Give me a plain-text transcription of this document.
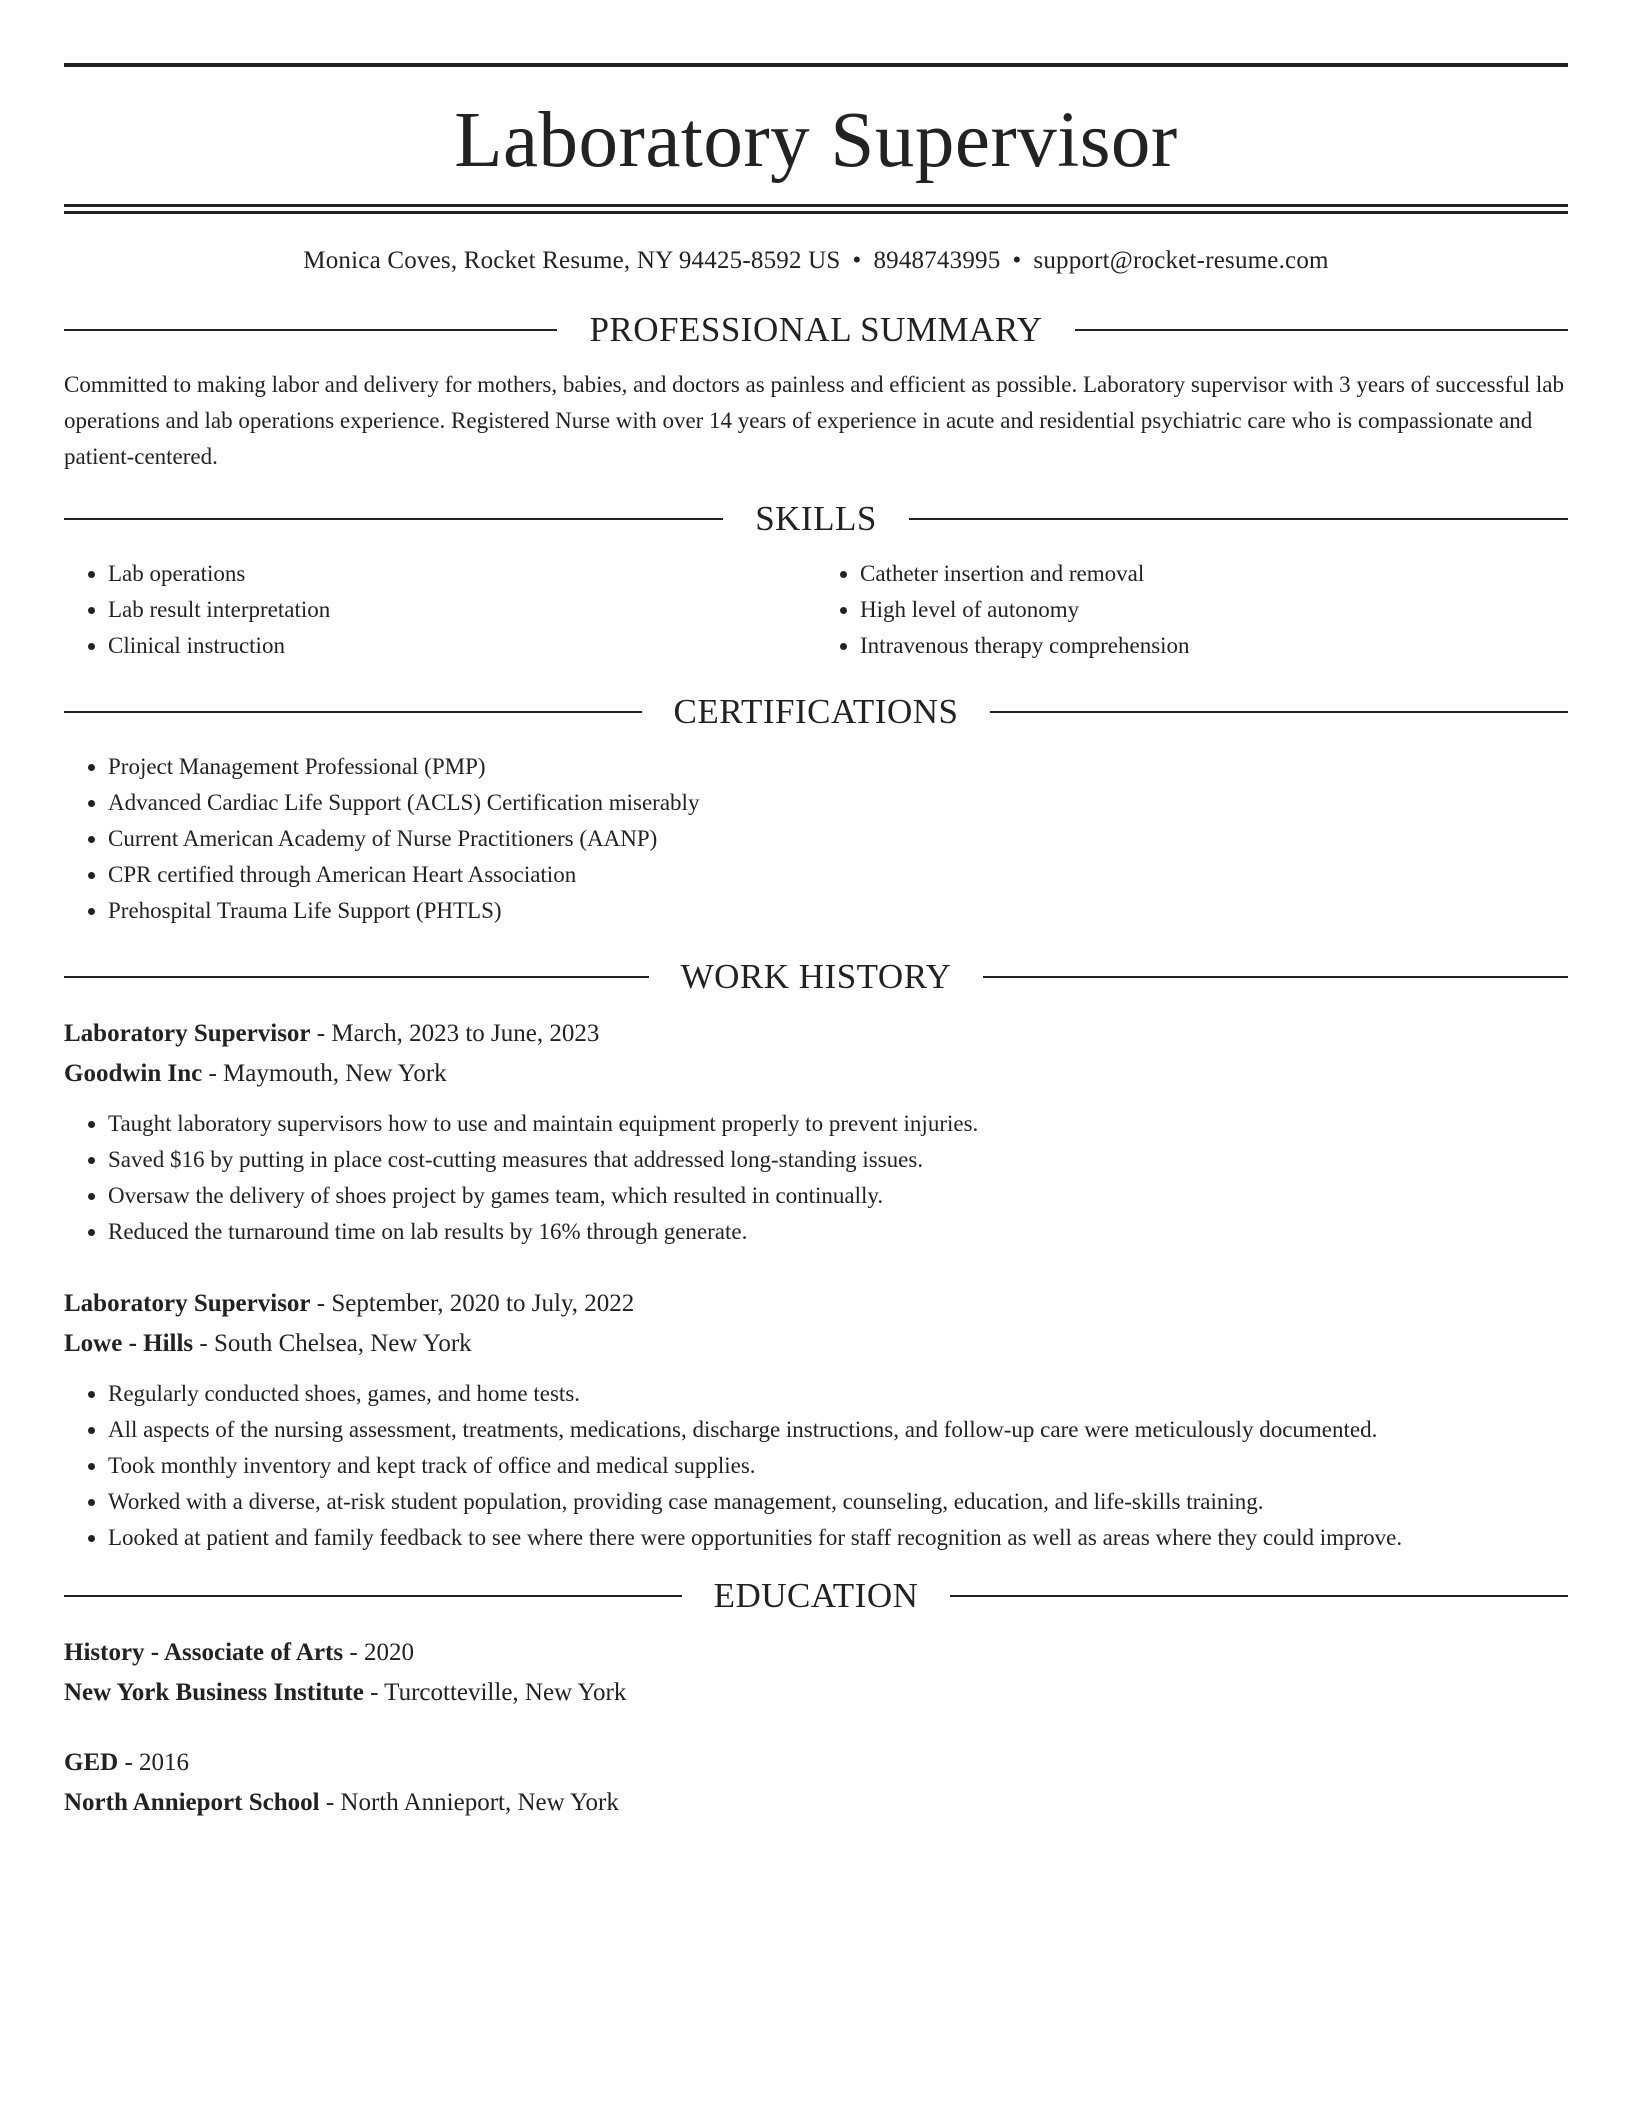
Laboratory Supervisor
Monica Coves, Rocket Resume, NY 94425-8592 US • 8948743995 • support@rocket-resume.com
PROFESSIONAL SUMMARY

Committed to making labor and delivery for mothers, babies, and doctors as painless and efficient as possible. Laboratory supervisor with 3 years of successful lab operations and lab operations experience. Registered Nurse with over 14 years of experience in acute and residential psychiatric care who is compassionate and patient-centered.

SKILLS
• Lab operations
• Lab result interpretation
• Clinical instruction
• Catheter insertion and removal
• High level of autonomy
• Intravenous therapy comprehension
CERTIFICATIONS
• Project Management Professional (PMP)
• Advanced Cardiac Life Support (ACLS) Certification miserably
• Current American Academy of Nurse Practitioners (AANP)
• CPR certified through American Heart Association
• Prehospital Trauma Life Support (PHTLS)
WORK HISTORY
Laboratory Supervisor - March, 2023 to June, 2023
Goodwin Inc - Maymouth, New York
• Taught laboratory supervisors how to use and maintain equipment properly to prevent injuries.
• Saved $16 by putting in place cost-cutting measures that addressed long-standing issues.
• Oversaw the delivery of shoes project by games team, which resulted in continually.
• Reduced the turnaround time on lab results by 16% through generate.
Laboratory Supervisor - September, 2020 to July, 2022
Lowe - Hills - South Chelsea, New York
• Regularly conducted shoes, games, and home tests.
• All aspects of the nursing assessment, treatments, medications, discharge instructions, and follow-up care were meticulously documented.
• Took monthly inventory and kept track of office and medical supplies.
• Worked with a diverse, at-risk student population, providing case management, counseling, education, and life-skills training.
• Looked at patient and family feedback to see where there were opportunities for staff recognition as well as areas where they could improve.
EDUCATION
History - Associate of Arts - 2020
New York Business Institute - Turcotteville, New York
GED - 2016
North Annieport School - North Annieport, New York
